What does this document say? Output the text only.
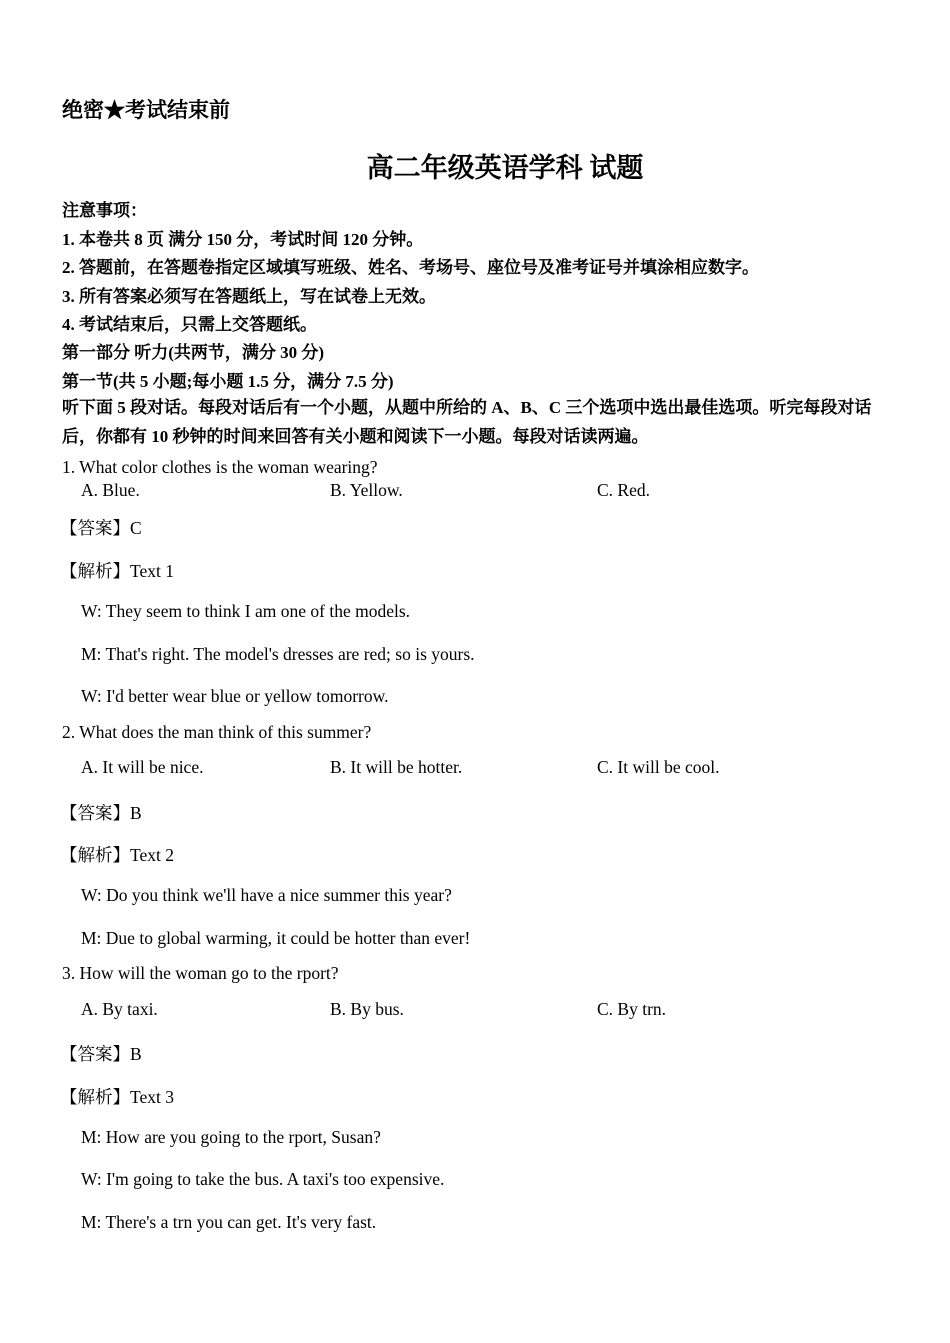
绝密★考试结束前
高二年级英语学科 试题
注意事项：
1. 本卷共 8 页 满分 150 分，考试时间 120 分钟。
2. 答题前，在答题卷指定区域填写班级、姓名、考场号、座位号及准考证号并填涂相应数字。
3. 所有答案必须写在答题纸上，写在试卷上无效。
4. 考试结束后，只需上交答题纸。
第一部分 听力(共两节，满分 30 分)
第一节(共 5 小题;每小题 1.5 分，满分 7.5 分)
听下面 5 段对话。每段对话后有一个小题，从题中所给的 A、B、C 三个选项中选出最佳选项。听完每段对话后，你都有 10 秒钟的时间来回答有关小题和阅读下一小题。每段对话读两遍。
1. What color clothes is the woman wearing?
A. Blue.	B. Yellow.	C. Red.
【答案】C
【解析】Text 1
W: They seem to think I am one of the models.
M: That's right. The model's dresses are red; so is yours.
W: I'd better wear blue or yellow tomorrow.
2. What does the man think of this summer?
A. It will be nice.	B. It will be hotter.	C. It will be cool.
【答案】B
【解析】Text 2
W: Do you think we'll have a nice summer this year?
M: Due to global warming, it could be hotter than ever!
3. How will the woman go to the rport?
A. By taxi.	B. By bus.	C. By trn.
【答案】B
【解析】Text 3
M: How are you going to the rport, Susan?
W: I'm going to take the bus. A taxi's too expensive.
M: There's a trn you can get. It's very fast.
